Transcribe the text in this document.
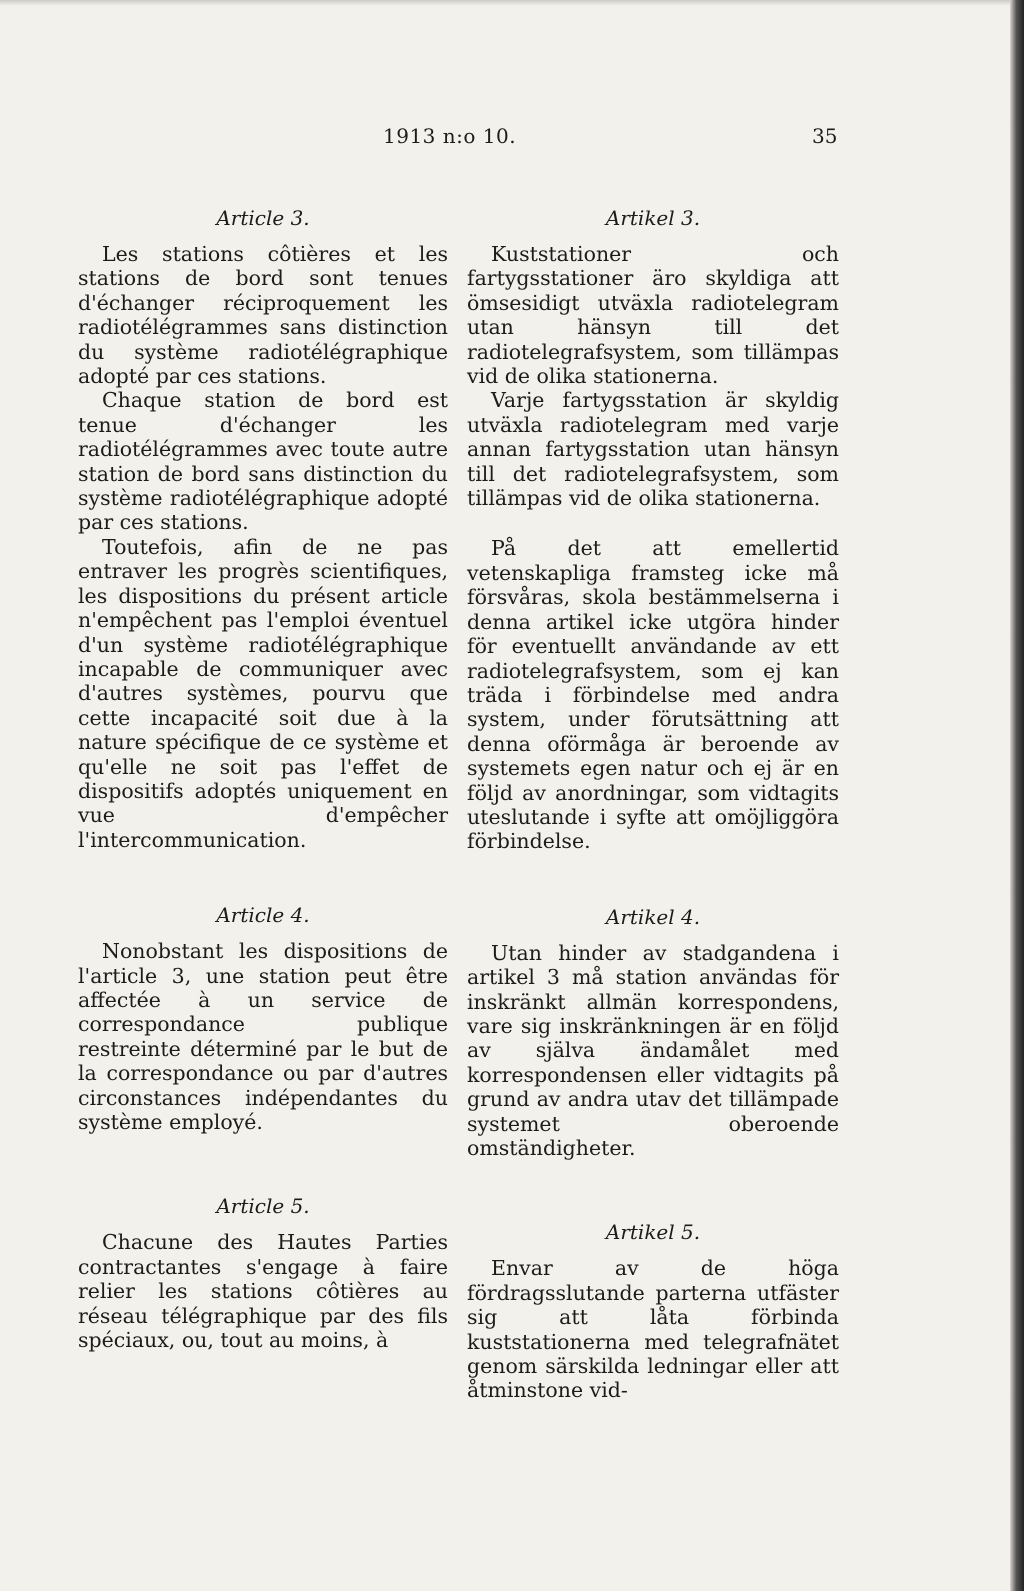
1913 n:o 10.	35
Article 3.

Les stations côtières et les stations de bord sont tenues d'échanger réciproquement les radiotélégrammes sans distinction du système radiotélégraphique adopté par ces stations.

Chaque station de bord est tenue d'échanger les radiotélégrammes avec toute autre station de bord sans distinction du système radiotélégraphique adopté par ces stations.

Toutefois, afin de ne pas entraver les progrès scientifiques, les dispositions du présent article n'empêchent pas l'emploi éventuel d'un système radiotélégraphique incapable de communiquer avec d'autres systèmes, pourvu que cette incapacité soit due à la nature spécifique de ce système et qu'elle ne soit pas l'effet de dispositifs adoptés uniquement en vue d'empêcher l'intercommunication.

Article 4.

Nonobstant les dispositions de l'article 3, une station peut être affectée à un service de correspondance publique restreinte déterminé par le but de la correspondance ou par d'autres circonstances indépendantes du système employé.

Article 5.

Chacune des Hautes Parties contractantes s'engage à faire relier les stations côtières au réseau télégraphique par des fils spéciaux, ou, tout au moins, à

Artikel 3.

Kuststationer och fartygsstationer äro skyldiga att ömsesidigt utväxla radiotelegram utan hänsyn till det radiotelegrafsystem, som tillämpas vid de olika stationerna.

Varje fartygsstation är skyldig utväxla radiotelegram med varje annan fartygsstation utan hänsyn till det radiotelegrafsystem, som tillämpas vid de olika stationerna.

På det att emellertid vetenskapliga framsteg icke må försvåras, skola bestämmelserna i denna artikel icke utgöra hinder för eventuellt användande av ett radiotelegrafsystem, som ej kan träda i förbindelse med andra system, under förutsättning att denna oförmåga är beroende av systemets egen natur och ej är en följd av anordningar, som vidtagits uteslutande i syfte att omöjliggöra förbindelse.

Artikel 4.

Utan hinder av stadgandena i artikel 3 må station användas för inskränkt allmän korrespondens, vare sig inskränkningen är en följd av själva ändamålet med korrespondensen eller vidtagits på grund av andra utav det tillämpade systemet oberoende omständigheter.

Artikel 5.

Envar av de höga fördragsslutande parterna utfäster sig att låta förbinda kuststationerna med telegrafnätet genom särskilda ledningar eller att åtminstone vid-
